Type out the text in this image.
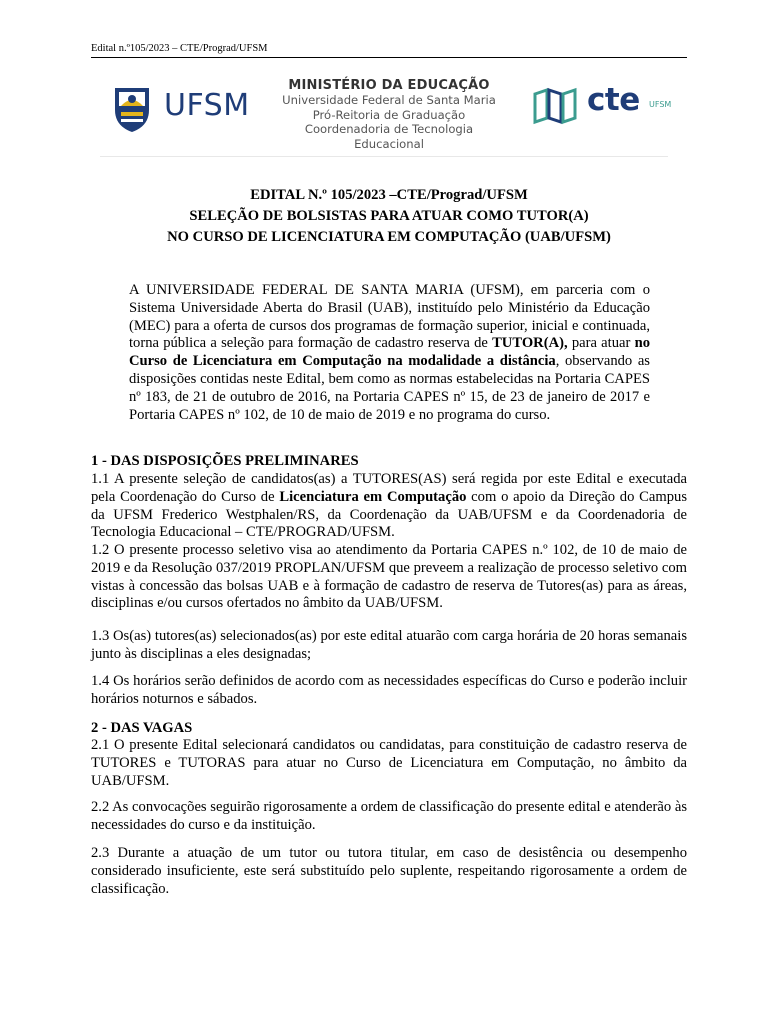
Edital n.º105/2023 – CTE/Prograd/UFSM
UFSM
MINISTÉRIO DA EDUCAÇÃO
Universidade Federal de Santa Maria
Pró-Reitoria de Graduação
Coordenadoria de Tecnologia Educacional
cte UFSM
EDITAL N.º 105/2023 –CTE/Prograd/UFSM
SELEÇÃO DE BOLSISTAS PARA ATUAR COMO TUTOR(A)
NO CURSO DE LICENCIATURA EM COMPUTAÇÃO (UAB/UFSM)
A UNIVERSIDADE FEDERAL DE SANTA MARIA (UFSM), em parceria com o Sistema Universidade Aberta do Brasil (UAB), instituído pelo Ministério da Educação (MEC) para a oferta de cursos dos programas de formação superior, inicial e continuada, torna pública a seleção para formação de cadastro reserva de TUTOR(A), para atuar no Curso de Licenciatura em Computação na modalidade a distância, observando as disposições contidas neste Edital, bem como as normas estabelecidas na Portaria CAPES nº 183, de 21 de outubro de 2016, na Portaria CAPES nº 15, de 23 de janeiro de 2017 e Portaria CAPES nº 102, de 10 de maio de 2019 e no programa do curso.
1 - DAS DISPOSIÇÕES PRELIMINARES
1.1 A presente seleção de candidatos(as) a TUTORES(AS) será regida por este Edital e executada pela Coordenação do Curso de Licenciatura em Computação com o apoio da Direção do Campus da UFSM Frederico Westphalen/RS, da Coordenação da UAB/UFSM e da Coordenadoria de Tecnologia Educacional – CTE/PROGRAD/UFSM.
1.2 O presente processo seletivo visa ao atendimento da Portaria CAPES n.º 102, de 10 de maio de 2019 e da Resolução 037/2019 PROPLAN/UFSM que preveem a realização de processo seletivo com vistas à concessão das bolsas UAB e à formação de cadastro de reserva de Tutores(as) para as áreas, disciplinas e/ou cursos ofertados no âmbito da UAB/UFSM.
1.3 Os(as) tutores(as) selecionados(as) por este edital atuarão com carga horária de 20 horas semanais junto às disciplinas a eles designadas;
1.4 Os horários serão definidos de acordo com as necessidades específicas do Curso e poderão incluir horários noturnos e sábados.
2 - DAS VAGAS
2.1 O presente Edital selecionará candidatos ou candidatas, para constituição de cadastro reserva de TUTORES e TUTORAS para atuar no Curso de Licenciatura em Computação, no âmbito da UAB/UFSM.
2.2 As convocações seguirão rigorosamente a ordem de classificação do presente edital e atenderão às necessidades do curso e da instituição.
2.3 Durante a atuação de um tutor ou tutora titular, em caso de desistência ou desempenho considerado insuficiente, este será substituído pelo suplente, respeitando rigorosamente a ordem de classificação.
